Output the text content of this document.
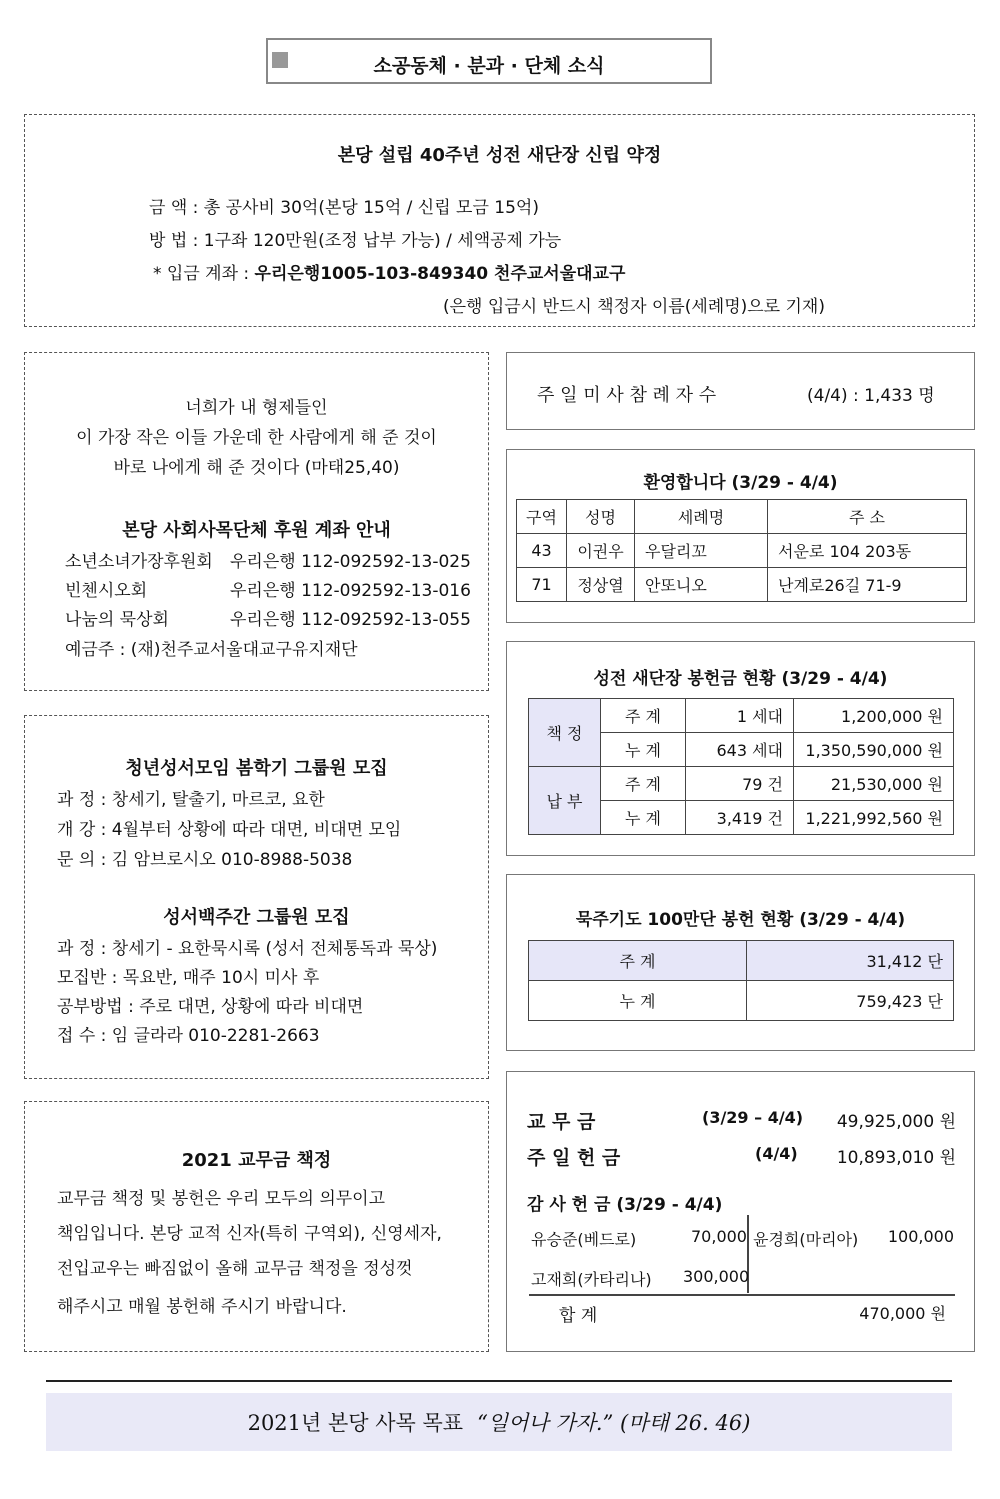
소공동체 · 분과 · 단체 소식
본당 설립 40주년 성전 새단장 신립 약정
금 액 : 총 공사비 30억(본당 15억 / 신립 모금 15억)
방 법 : 1구좌 120만원(조정 납부 가능) / 세액공제 가능
* 입금 계좌 : 우리은행1005-103-849340 천주교서울대교구
(은행 입금시 반드시 책정자 이름(세례명)으로 기재)
너희가 내 형제들인
이 가장 작은 이들 가운데 한 사람에게 해 준 것이
바로 나에게 해 준 것이다 (마태25,40)
본당 사회사목단체 후원 계좌 안내
소년소녀가장후원회 우리은행 112-092592-13-025
빈첸시오회	우리은행 112-092592-13-016
나눔의 묵상회	우리은행 112-092592-13-055
예금주 : (재)천주교서울대교구유지재단
주 일 미 사 참 례 자 수	(4/4) : 1,433 명
환영합니다 (3/29 - 4/4)
구역	성명	세례명	주 소
43	이권우	우달리꼬	서운로 104 203동
71	정상열	안또니오	난계로26길 71-9
성전 새단장 봉헌금 현황 (3/29 - 4/4)
책 정	주 계	1 세대	1,200,000 원
	누 계	643 세대	1,350,590,000 원
납 부	주 계	79 건	21,530,000 원
	누 계	3,419 건	1,221,992,560 원
묵주기도 100만단 봉헌 현황 (3/29 - 4/4)
주 계	31,412 단
누 계	759,423 단
청년성서모임 봄학기 그룹원 모집
과 정 : 창세기, 탈출기, 마르코, 요한
개 강 : 4월부터 상황에 따라 대면, 비대면 모임
문 의 : 김 암브로시오 010-8988-5038
성서백주간 그룹원 모집
과 정 : 창세기 - 요한묵시록 (성서 전체통독과 묵상)
모집반 : 목요반, 매주 10시 미사 후
공부방법 : 주로 대면, 상황에 따라 비대면
접 수 : 임 글라라 010-2281-2663
2021 교무금 책정
교무금 책정 및 봉헌은 우리 모두의 의무이고
책임입니다. 본당 교적 신자(특히 구역외), 신영세자,
전입교우는 빠짐없이 올해 교무금 책정을 정성껏
해주시고 매월 봉헌해 주시기 바랍니다.
교 무 금	(3/29 – 4/4) 49,925,000 원
주 일 헌 금	(4/4) 10,893,010 원
감 사 헌 금 (3/29 - 4/4)
유승준(베드로)	70,000 윤경희(마리아) 100,000
고재희(카타리나) 300,000
합 계	470,000 원
2021년 본당 사목 목표 “일어나 가자.” (마태 26. 46)
